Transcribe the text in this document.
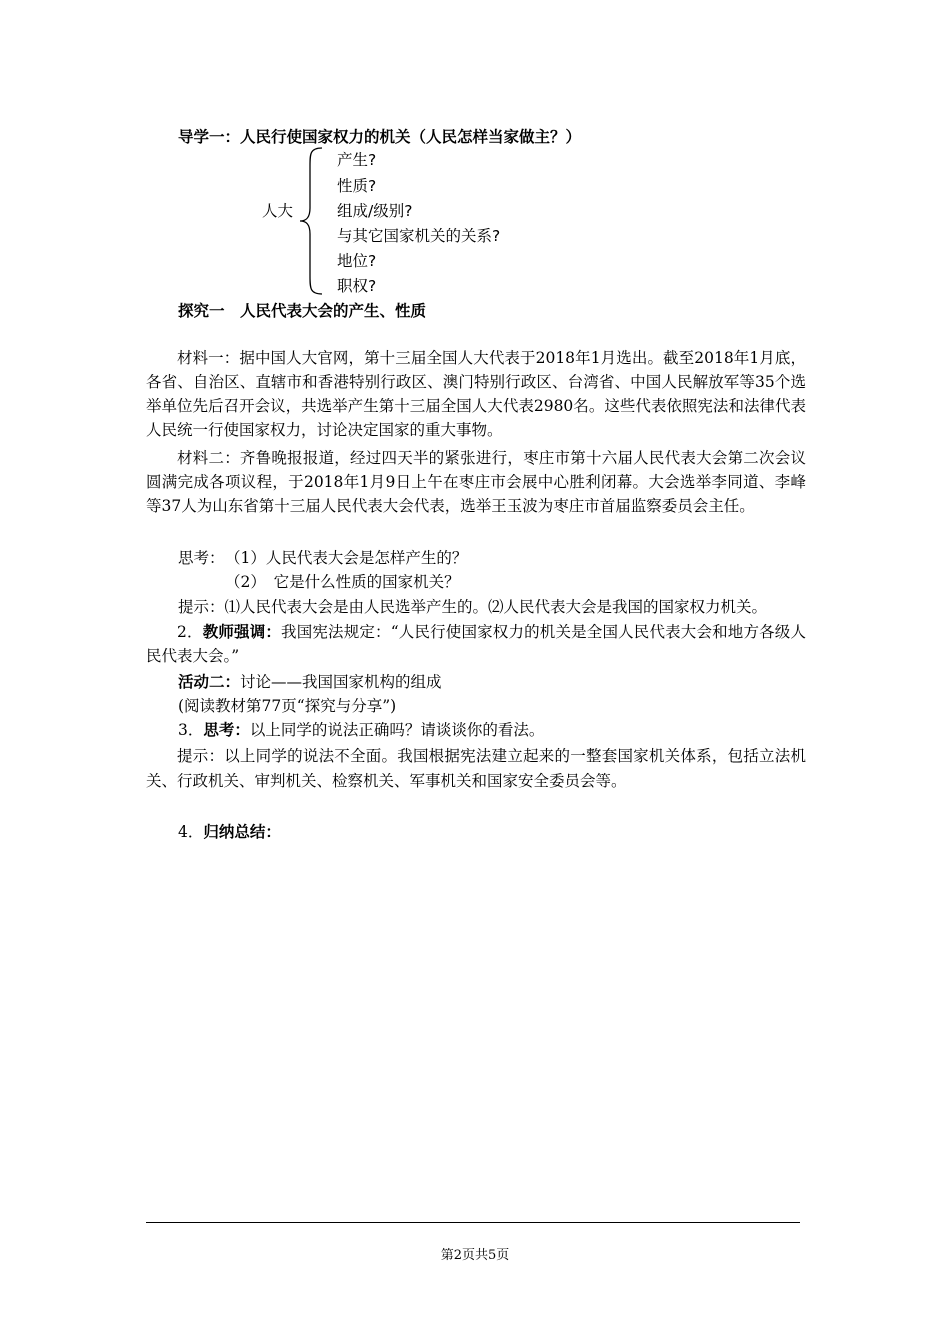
导学一：人民行使国家权力的机关（人民怎样当家做主？）
人大
产生?
性质?
组成/级别?
与其它国家机关的关系?
地位?
职权?
探究一　人民代表大会的产生、性质
材料一：据中国人大官网，第十三届全国人大代表于2018年1月选出。截至2018年1月底，各省、自治区、直辖市和香港特别行政区、澳门特别行政区、台湾省、中国人民解放军等35个选举单位先后召开会议，共选举产生第十三届全国人大代表2980名。这些代表依照宪法和法律代表人民统一行使国家权力，讨论决定国家的重大事物。
材料二：齐鲁晚报报道，经过四天半的紧张进行，枣庄市第十六届人民代表大会第二次会议圆满完成各项议程，于2018年1月9日上午在枣庄市会展中心胜利闭幕。大会选举李同道、李峰等37人为山东省第十三届人民代表大会代表，选举王玉波为枣庄市首届监察委员会主任。
思考： （1）人民代表大会是怎样产生的？
（2）　它是什么性质的国家机关？
提示：⑴人民代表大会是由人民选举产生的。⑵人民代表大会是我国的国家权力机关。
2．教师强调：我国宪法规定：“人民行使国家权力的机关是全国人民代表大会和地方各级人民代表大会。”
活动二：讨论——我国国家机构的组成
(阅读教材第77页“探究与分享”)
3．思考：以上同学的说法正确吗？请谈谈你的看法。
提示：以上同学的说法不全面。我国根据宪法建立起来的一整套国家机关体系，包括立法机关、行政机关、审判机关、检察机关、军事机关和国家安全委员会等。
4．归纳总结：
第2页共5页
